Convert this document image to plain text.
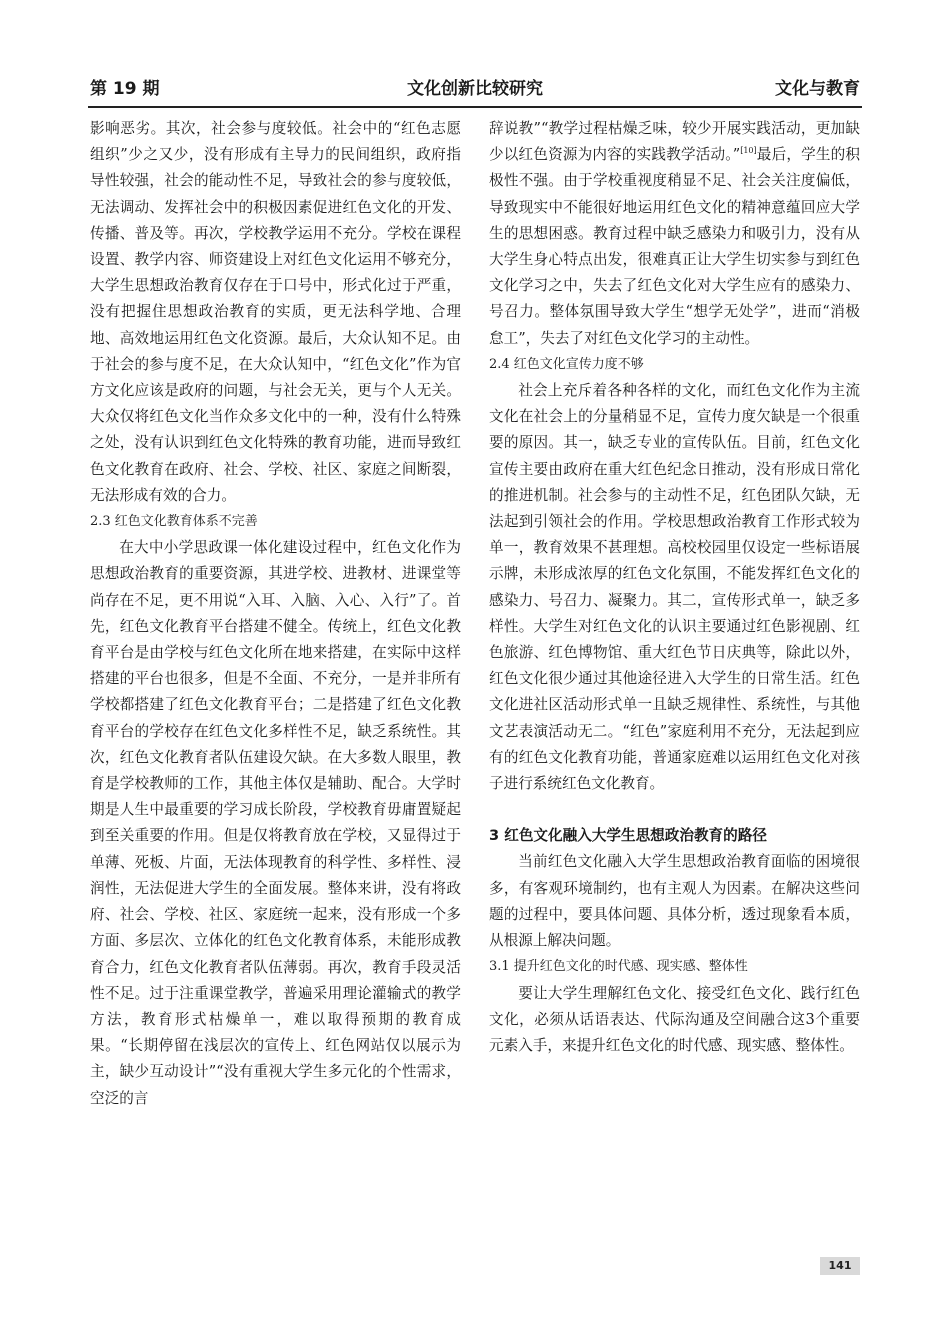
文化创新比较研究
第 19 期	文化与教育

影响恶劣。其次，社会参与度较低。社会中的“红色志愿组织”少之又少，没有形成有主导力的民间组织，政府指导性较强，社会的能动性不足，导致社会的参与度较低，无法调动、发挥社会中的积极因素促进红色文化的开发、传播、普及等。再次，学校教学运用不充分。学校在课程设置、教学内容、师资建设上对红色文化运用不够充分，大学生思想政治教育仅存在于口号中，形式化过于严重，没有把握住思想政治教育的实质，更无法科学地、合理地、高效地运用红色文化资源。最后，大众认知不足。由于社会的参与度不足，在大众认知中，“红色文化”作为官方文化应该是政府的问题，与社会无关，更与个人无关。大众仅将红色文化当作众多文化中的一种，没有什么特殊之处，没有认识到红色文化特殊的教育功能，进而导致红色文化教育在政府、社会、学校、社区、家庭之间断裂，无法形成有效的合力。

2.3 红色文化教育体系不完善

在大中小学思政课一体化建设过程中，红色文化作为思想政治教育的重要资源，其进学校、进教材、进课堂等尚存在不足，更不用说“入耳、入脑、入心、入行”了。首先，红色文化教育平台搭建不健全。传统上，红色文化教育平台是由学校与红色文化所在地来搭建，在实际中这样搭建的平台也很多，但是不全面、不充分，一是并非所有学校都搭建了红色文化教育平台；二是搭建了红色文化教育平台的学校存在红色文化多样性不足，缺乏系统性。其次，红色文化教育者队伍建设欠缺。在大多数人眼里，教育是学校教师的工作，其他主体仅是辅助、配合。大学时期是人生中最重要的学习成长阶段，学校教育毋庸置疑起到至关重要的作用。但是仅将教育放在学校，又显得过于单薄、死板、片面，无法体现教育的科学性、多样性、浸润性，无法促进大学生的全面发展。整体来讲，没有将政府、社会、学校、社区、家庭统一起来，没有形成一个多方面、多层次、立体化的红色文化教育体系，未能形成教育合力，红色文化教育者队伍薄弱。再次，教育手段灵活性不足。过于注重课堂教学，普遍采用理论灌输式的教学方法，教育形式枯燥单一，难以取得预期的教育成果。“长期停留在浅层次的宣传上、红色网站仅以展示为主，缺少互动设计”“没有重视大学生多元化的个性需求，空泛的言

辞说教”“教学过程枯燥乏味，较少开展实践活动，更加缺少以红色资源为内容的实践教学活动。”[10]最后，学生的积极性不强。由于学校重视度稍显不足、社会关注度偏低，导致现实中不能很好地运用红色文化的精神意蕴回应大学生的思想困惑。教育过程中缺乏感染力和吸引力，没有从大学生身心特点出发，很难真正让大学生切实参与到红色文化学习之中，失去了红色文化对大学生应有的感染力、号召力。整体氛围导致大学生“想学无处学”，进而“消极怠工”，失去了对红色文化学习的主动性。

2.4 红色文化宣传力度不够

社会上充斥着各种各样的文化，而红色文化作为主流文化在社会上的分量稍显不足，宣传力度欠缺是一个很重要的原因。其一，缺乏专业的宣传队伍。目前，红色文化宣传主要由政府在重大红色纪念日推动，没有形成日常化的推进机制。社会参与的主动性不足，红色团队欠缺，无法起到引领社会的作用。学校思想政治教育工作形式较为单一，教育效果不甚理想。高校校园里仅设定一些标语展示牌，未形成浓厚的红色文化氛围，不能发挥红色文化的感染力、号召力、凝聚力。其二，宣传形式单一，缺乏多样性。大学生对红色文化的认识主要通过红色影视剧、红色旅游、红色博物馆、重大红色节日庆典等，除此以外，红色文化很少通过其他途径进入大学生的日常生活。红色文化进社区活动形式单一且缺乏规律性、系统性，与其他文艺表演活动无二。“红色”家庭利用不充分，无法起到应有的红色文化教育功能，普通家庭难以运用红色文化对孩子进行系统红色文化教育。

3 红色文化融入大学生思想政治教育的路径

当前红色文化融入大学生思想政治教育面临的困境很多，有客观环境制约，也有主观人为因素。在解决这些问题的过程中，要具体问题、具体分析，透过现象看本质，从根源上解决问题。

3.1 提升红色文化的时代感、现实感、整体性

要让大学生理解红色文化、接受红色文化、践行红色文化，必须从话语表达、代际沟通及空间融合这3个重要元素入手，来提升红色文化的时代感、现实感、整体性。

141
